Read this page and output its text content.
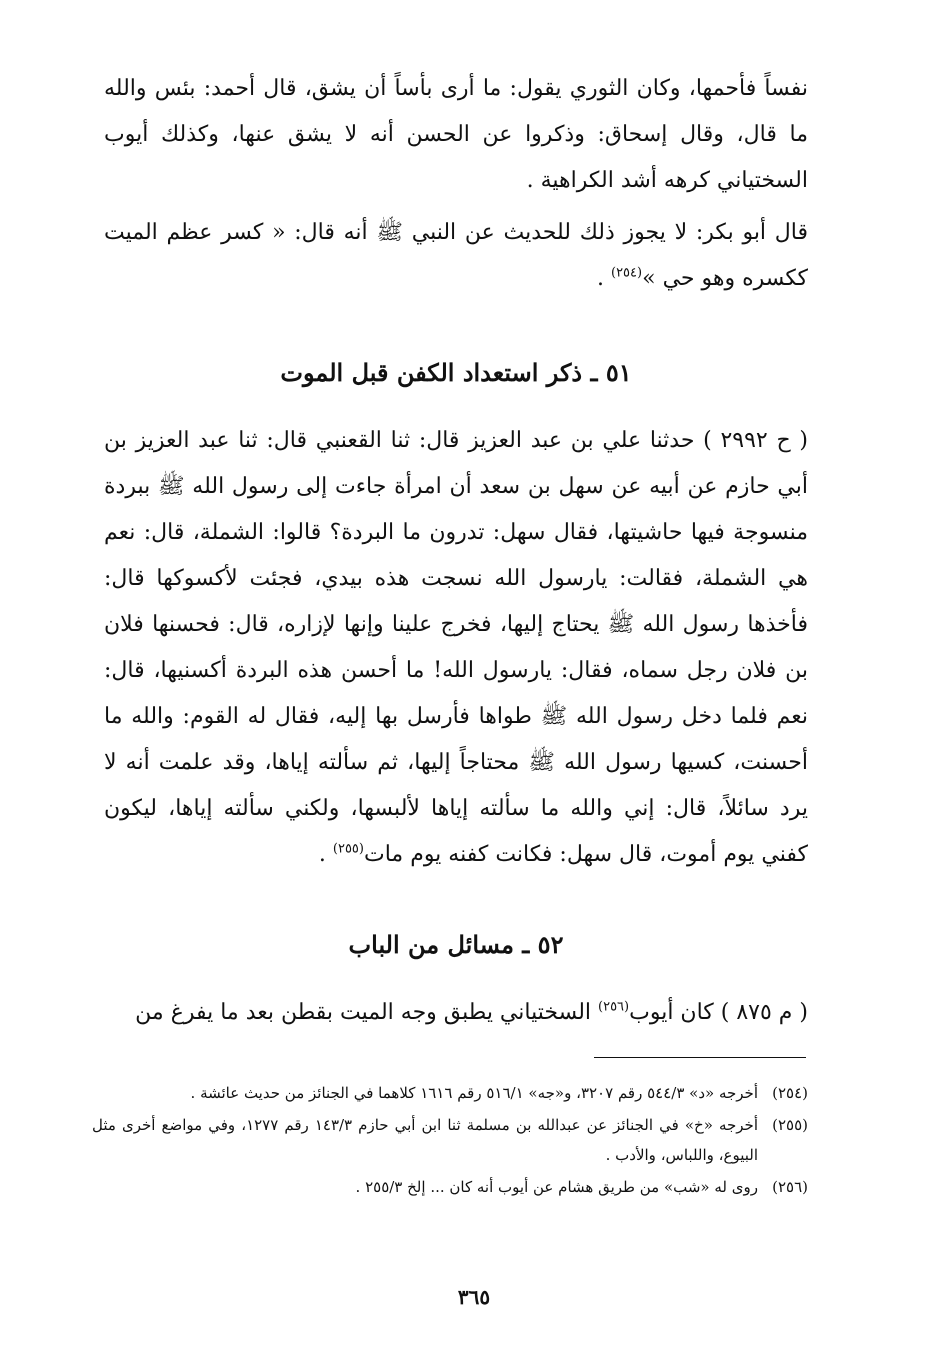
نفساً فأحمها، وكان الثوري يقول: ما أرى بأساً أن يشق، قال أحمد: بئس والله ما قال، وقال إسحاق: وذكروا عن الحسن أنه لا يشق عنها، وكذلك أيوب السختياني كرهه أشد الكراهية .

قال أبو بكر: لا يجوز ذلك للحديث عن النبي ﷺ أنه قال: « كسر عظم الميت ككسره وهو حي »$^{(٢٥٤)}$ .

٥١ ـ ذكر استعداد الكفن قبل الموت

( ح ٢٩٩٢ ) حدثنا علي بن عبد العزيز قال: ثنا القعنبي قال: ثنا عبد العزيز بن أبي حازم عن أبيه عن سهل بن سعد أن امرأة جاءت إلى رسول الله ﷺ ببردة منسوجة فيها حاشيتها، فقال سهل: تدرون ما البردة؟ قالوا: الشملة، قال: نعم هي الشملة، فقالت: يارسول الله نسجت هذه بيدي، فجئت لأكسوكها قال: فأخذها رسول الله ﷺ يحتاج إليها، فخرج علينا وإنها لإزاره، قال: فحسنها فلان بن فلان رجل سماه، فقال: يارسول الله! ما أحسن هذه البردة أكسنيها، قال: نعم فلما دخل رسول الله ﷺ طواها فأرسل بها إليه، فقال له القوم: والله ما أحسنت، كسيها رسول الله ﷺ محتاجاً إليها، ثم سألته إياها، وقد علمت أنه لا يرد سائلاً، قال: إني والله ما سألته إياها لألبسها، ولكني سألته إياها، ليكون كفني يوم أموت، قال سهل: فكانت كفنه يوم مات$^{(٢٥٥)}$ .

٥٢ ـ مسائل من الباب

( م ٨٧٥ ) كان أيوب$^{(٢٥٦)}$ السختياني يطبق وجه الميت بقطن بعد ما يفرغ من

(٢٥٤)
أخرجه «د» ٥٤٤/٣ رقم ٣٢٠٧، و«جه» ٥١٦/١ رقم ١٦١٦ كلاهما في الجنائز من حديث عائشة .
(٢٥٥)
أخرجه «خ» في الجنائز عن عبدالله بن مسلمة ثنا ابن أبي حازم ١٤٣/٣ رقم ١٢٧٧، وفي مواضع أخرى مثل البيوع، واللباس، والأدب .
(٢٥٦)
روى له «شب» من طريق هشام عن أيوب أنه كان ... إلخ ٢٥٥/٣ .
٣٦٥
